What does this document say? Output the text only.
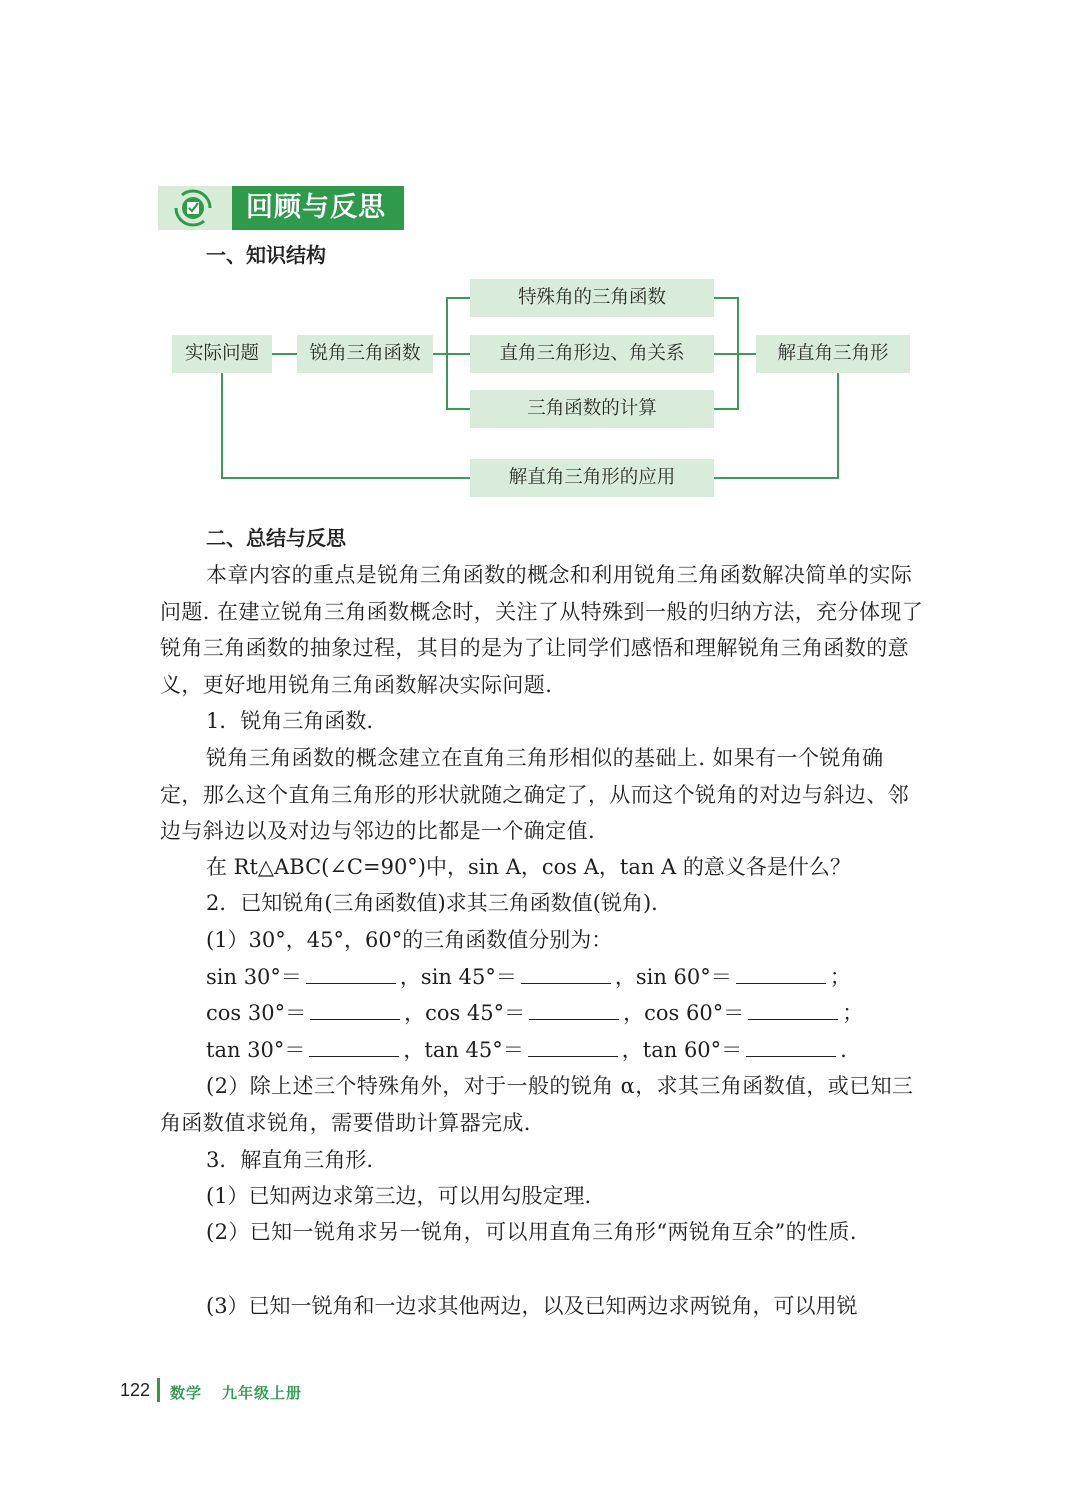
回顾与反思
一、知识结构
实际问题	锐角三角函数
特殊角的三角函数
直角三角形边、角关系
三角函数的计算
解直角三角形
解直角三角形的应用
二、总结与反思
本章内容的重点是锐角三角函数的概念和利用锐角三角函数解决简单的实际问题. 在建立锐角三角函数概念时，关注了从特殊到一般的归纳方法，充分体现了锐角三角函数的抽象过程，其目的是为了让同学们感悟和理解锐角三角函数的意义，更好地用锐角三角函数解决实际问题.
1．锐角三角函数.
锐角三角函数的概念建立在直角三角形相似的基础上. 如果有一个锐角确定，那么这个直角三角形的形状就随之确定了，从而这个锐角的对边与斜边、邻边与斜边以及对边与邻边的比都是一个确定值.
在 Rt△ABC(∠C=90°)中，sin A，cos A，tan A 的意义各是什么？
2．已知锐角(三角函数值)求其三角函数值(锐角).
(1）30°，45°，60°的三角函数值分别为：
sin 30°＝	，sin 45°＝	，sin 60°＝	；
cos 30°＝	，cos 45°＝	，cos 60°＝	；
tan 30°＝	，tan 45°＝	，tan 60°＝	.
(2）除上述三个特殊角外，对于一般的锐角 α，求其三角函数值，或已知三角函数值求锐角，需要借助计算器完成.
3．解直角三角形.
(1）已知两边求第三边，可以用勾股定理.
(2）已知一锐角求另一锐角，可以用直角三角形“两锐角互余”的性质.
(3）已知一锐角和一边求其他两边，以及已知两边求两锐角，可以用锐
122 数学 九年级上册
